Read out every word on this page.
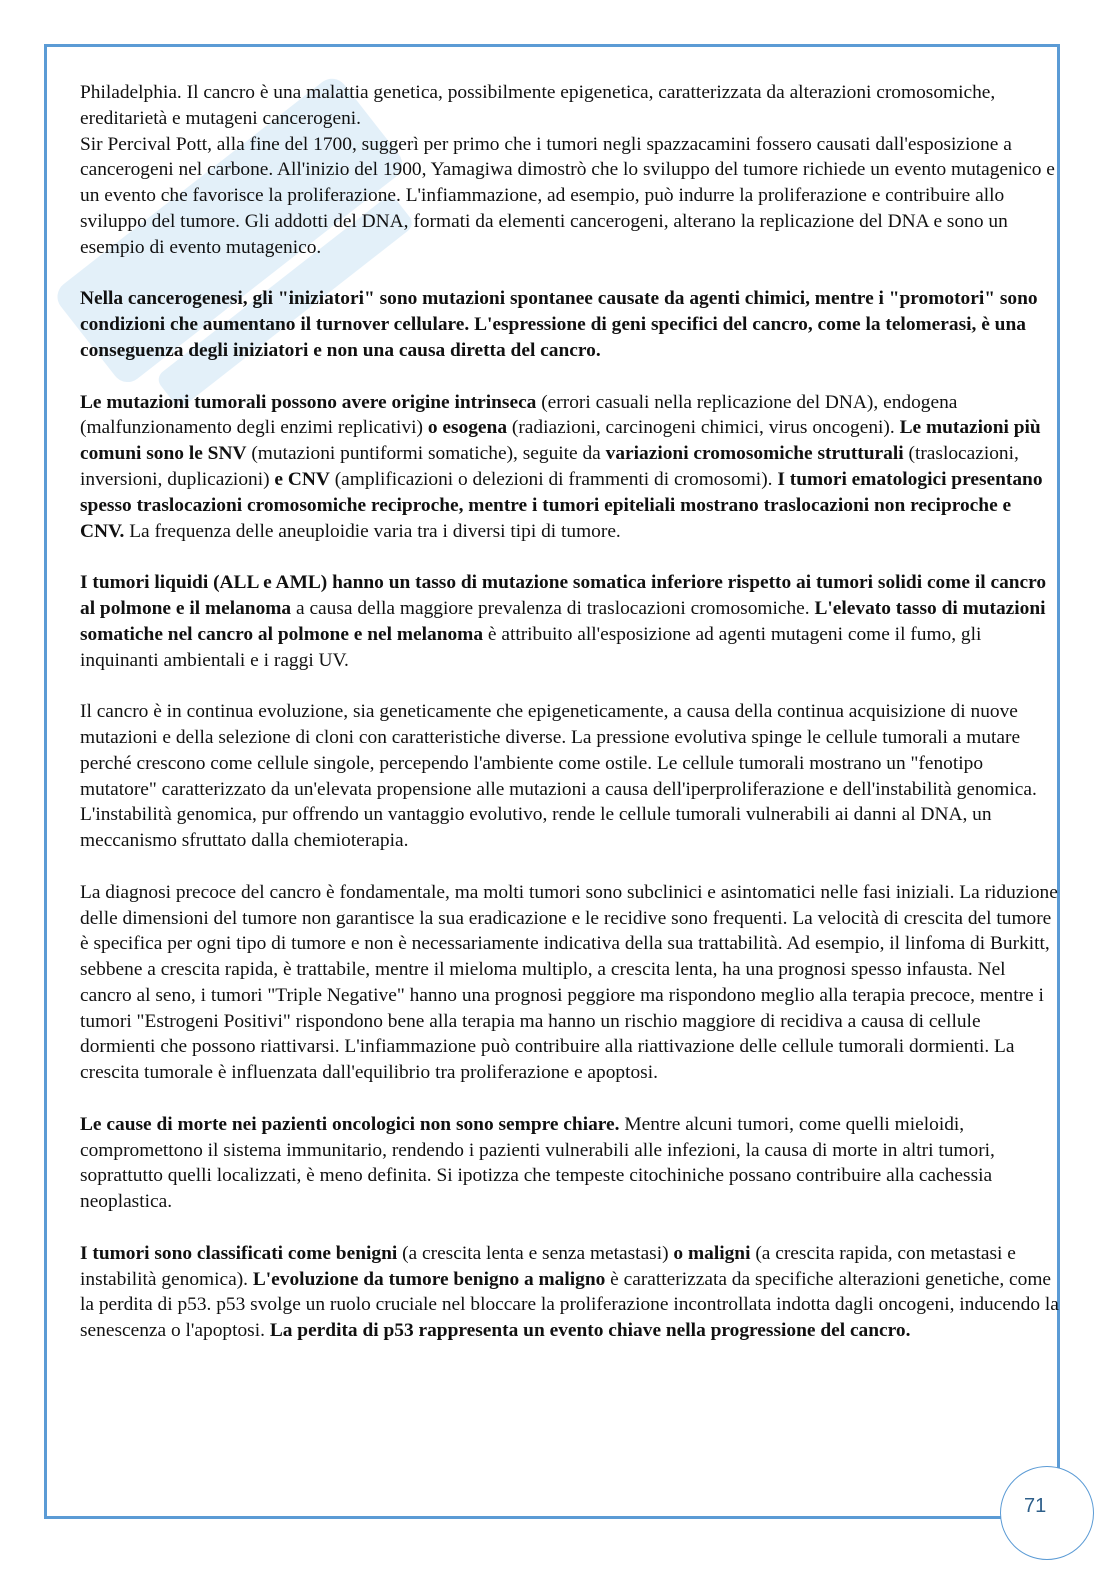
Philadelphia. Il cancro è una malattia genetica, possibilmente epigenetica, caratterizzata da alterazioni cromosomiche, ereditarietà e mutageni cancerogeni.

Sir Percival Pott, alla fine del 1700, suggerì per primo che i tumori negli spazzacamini fossero causati dall'esposizione a cancerogeni nel carbone. All'inizio del 1900, Yamagiwa dimostrò che lo sviluppo del tumore richiede un evento mutagenico e un evento che favorisce la proliferazione. L'infiammazione, ad esempio, può indurre la proliferazione e contribuire allo sviluppo del tumore. Gli addotti del DNA, formati da elementi cancerogeni, alterano la replicazione del DNA e sono un esempio di evento mutagenico.

Nella cancerogenesi, gli "iniziatori" sono mutazioni spontanee causate da agenti chimici, mentre i "promotori" sono condizioni che aumentano il turnover cellulare. L'espressione di geni specifici del cancro, come la telomerasi, è una conseguenza degli iniziatori e non una causa diretta del cancro.

Le mutazioni tumorali possono avere origine intrinseca (errori casuali nella replicazione del DNA), endogena (malfunzionamento degli enzimi replicativi) o esogena (radiazioni, carcinogeni chimici, virus oncogeni). Le mutazioni più comuni sono le SNV (mutazioni puntiformi somatiche), seguite da variazioni cromosomiche strutturali (traslocazioni, inversioni, duplicazioni) e CNV (amplificazioni o delezioni di frammenti di cromosomi). I tumori ematologici presentano spesso traslocazioni cromosomiche reciproche, mentre i tumori epiteliali mostrano traslocazioni non reciproche e CNV. La frequenza delle aneuploidie varia tra i diversi tipi di tumore.

I tumori liquidi (ALL e AML) hanno un tasso di mutazione somatica inferiore rispetto ai tumori solidi come il cancro al polmone e il melanoma a causa della maggiore prevalenza di traslocazioni cromosomiche. L'elevato tasso di mutazioni somatiche nel cancro al polmone e nel melanoma è attribuito all'esposizione ad agenti mutageni come il fumo, gli inquinanti ambientali e i raggi UV.

Il cancro è in continua evoluzione, sia geneticamente che epigeneticamente, a causa della continua acquisizione di nuove mutazioni e della selezione di cloni con caratteristiche diverse. La pressione evolutiva spinge le cellule tumorali a mutare perché crescono come cellule singole, percependo l'ambiente come ostile. Le cellule tumorali mostrano un "fenotipo mutatore" caratterizzato da un'elevata propensione alle mutazioni a causa dell'iperproliferazione e dell'instabilità genomica. L'instabilità genomica, pur offrendo un vantaggio evolutivo, rende le cellule tumorali vulnerabili ai danni al DNA, un meccanismo sfruttato dalla chemioterapia.

La diagnosi precoce del cancro è fondamentale, ma molti tumori sono subclinici e asintomatici nelle fasi iniziali. La riduzione delle dimensioni del tumore non garantisce la sua eradicazione e le recidive sono frequenti. La velocità di crescita del tumore è specifica per ogni tipo di tumore e non è necessariamente indicativa della sua trattabilità. Ad esempio, il linfoma di Burkitt, sebbene a crescita rapida, è trattabile, mentre il mieloma multiplo, a crescita lenta, ha una prognosi spesso infausta. Nel cancro al seno, i tumori "Triple Negative" hanno una prognosi peggiore ma rispondono meglio alla terapia precoce, mentre i tumori "Estrogeni Positivi" rispondono bene alla terapia ma hanno un rischio maggiore di recidiva a causa di cellule dormienti che possono riattivarsi. L'infiammazione può contribuire alla riattivazione delle cellule tumorali dormienti. La crescita tumorale è influenzata dall'equilibrio tra proliferazione e apoptosi.

Le cause di morte nei pazienti oncologici non sono sempre chiare. Mentre alcuni tumori, come quelli mieloidi, compromettono il sistema immunitario, rendendo i pazienti vulnerabili alle infezioni, la causa di morte in altri tumori, soprattutto quelli localizzati, è meno definita. Si ipotizza che tempeste citochiniche possano contribuire alla cachessia neoplastica.

I tumori sono classificati come benigni (a crescita lenta e senza metastasi) o maligni (a crescita rapida, con metastasi e instabilità genomica). L'evoluzione da tumore benigno a maligno è caratterizzata da specifiche alterazioni genetiche, come la perdita di p53. p53 svolge un ruolo cruciale nel bloccare la proliferazione incontrollata indotta dagli oncogeni, inducendo la senescenza o l'apoptosi. La perdita di p53 rappresenta un evento chiave nella progressione del cancro.

71
